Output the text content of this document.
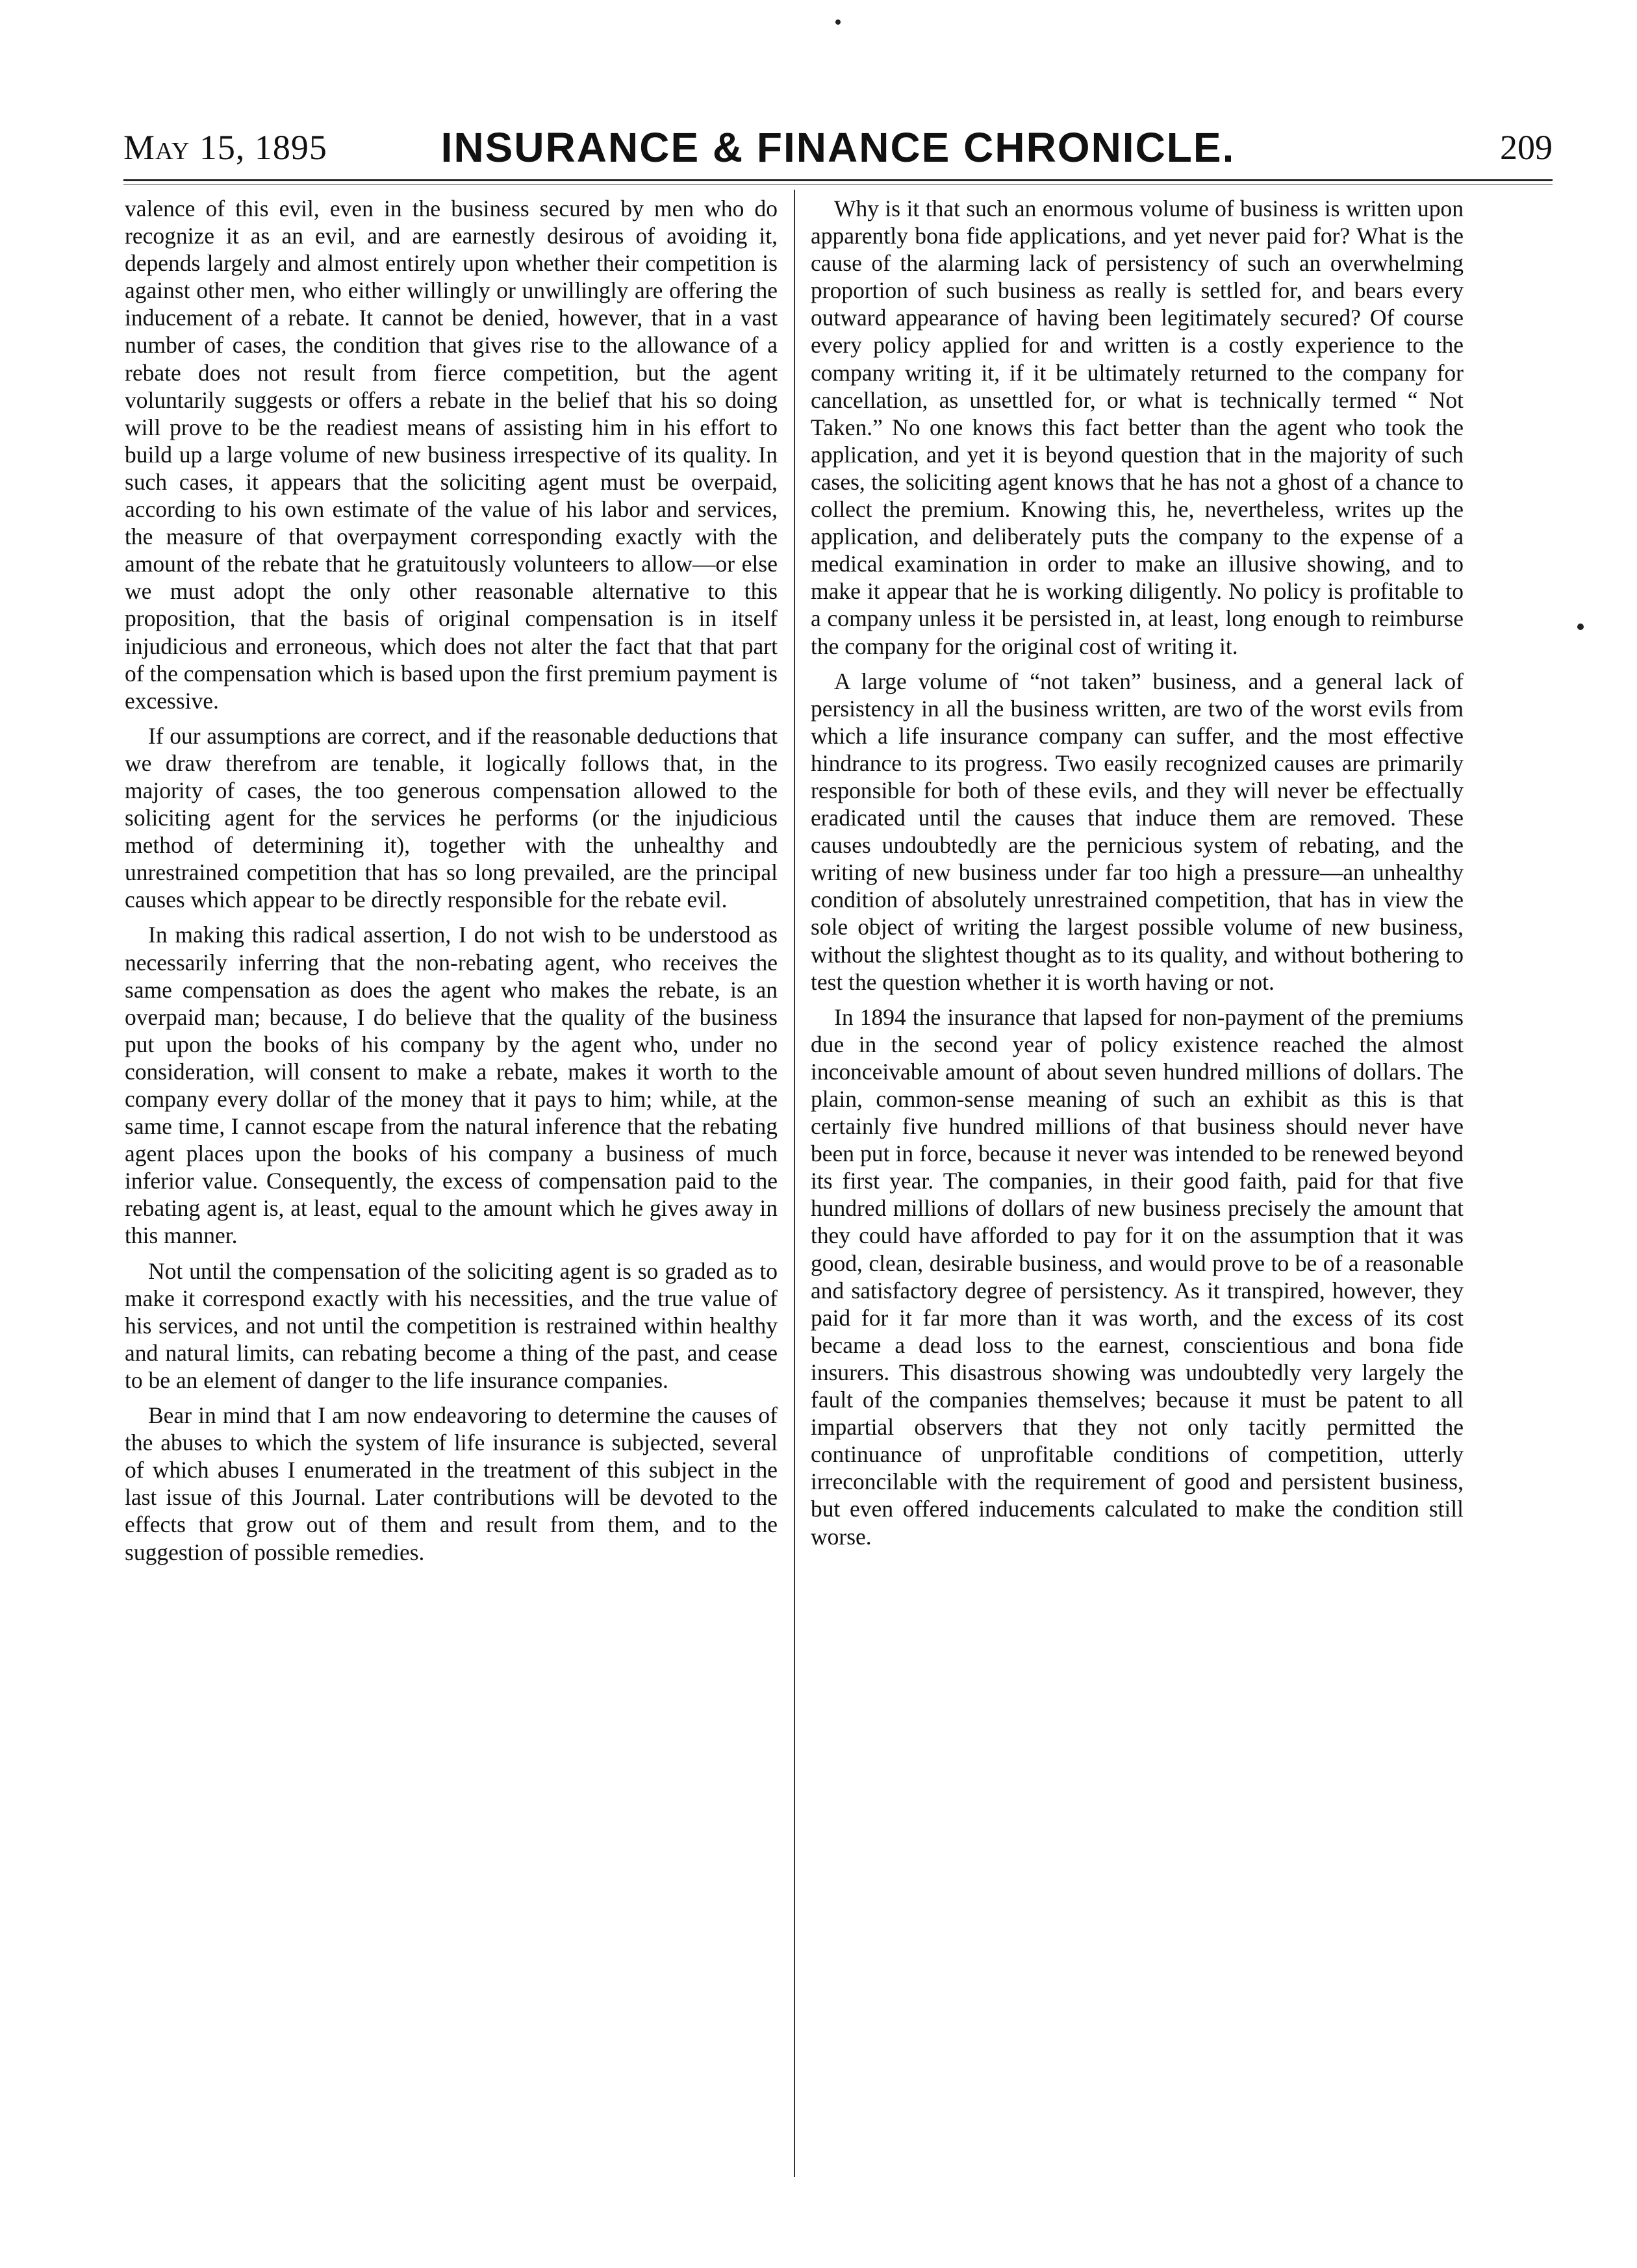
May 15, 1895	INSURANCE & FINANCE CHRONICLE.	209

valence of this evil, even in the business secured by men who do recognize it as an evil, and are earnestly desirous of avoiding it, depends largely and almost entirely upon whether their competition is against other men, who either willingly or unwillingly are offering the inducement of a rebate. It cannot be denied, however, that in a vast number of cases, the condition that gives rise to the allowance of a rebate does not result from fierce competition, but the agent voluntarily suggests or offers a rebate in the belief that his so doing will prove to be the readiest means of assisting him in his effort to build up a large volume of new business irrespective of its quality. In such cases, it appears that the soliciting agent must be overpaid, according to his own estimate of the value of his labor and services, the measure of that overpayment corresponding exactly with the amount of the rebate that he gratuitously volunteers to allow—or else we must adopt the only other reasonable alternative to this proposition, that the basis of original compensation is in itself injudicious and erroneous, which does not alter the fact that that part of the compensation which is based upon the first premium payment is excessive.

If our assumptions are correct, and if the reasonable deductions that we draw therefrom are tenable, it logically follows that, in the majority of cases, the too generous compensation allowed to the soliciting agent for the services he performs (or the injudicious method of determining it), together with the unhealthy and unrestrained competition that has so long prevailed, are the principal causes which appear to be directly responsible for the rebate evil.

In making this radical assertion, I do not wish to be understood as necessarily inferring that the non-rebating agent, who receives the same compensation as does the agent who makes the rebate, is an overpaid man; because, I do believe that the quality of the business put upon the books of his company by the agent who, under no consideration, will consent to make a rebate, makes it worth to the company every dollar of the money that it pays to him; while, at the same time, I cannot escape from the natural inference that the rebating agent places upon the books of his company a business of much inferior value. Consequently, the excess of compensation paid to the rebating agent is, at least, equal to the amount which he gives away in this manner.

Not until the compensation of the soliciting agent is so graded as to make it correspond exactly with his necessities, and the true value of his services, and not until the competition is restrained within healthy and natural limits, can rebating become a thing of the past, and cease to be an element of danger to the life insurance companies.

Bear in mind that I am now endeavoring to determine the causes of the abuses to which the system of life insurance is subjected, several of which abuses I enumerated in the treatment of this subject in the last issue of this Journal. Later contributions will be devoted to the effects that grow out of them and result from them, and to the suggestion of possible remedies.

Why is it that such an enormous volume of business is written upon apparently bona fide applications, and yet never paid for? What is the cause of the alarming lack of persistency of such an overwhelming proportion of such business as really is settled for, and bears every outward appearance of having been legitimately secured? Of course every policy applied for and written is a costly experience to the company writing it, if it be ultimately returned to the company for cancellation, as unsettled for, or what is technically termed “ Not Taken.” No one knows this fact better than the agent who took the application, and yet it is beyond question that in the majority of such cases, the soliciting agent knows that he has not a ghost of a chance to collect the premium. Knowing this, he, nevertheless, writes up the application, and deliberately puts the company to the expense of a medical examination in order to make an illusive showing, and to make it appear that he is working diligently. No policy is profitable to a company unless it be persisted in, at least, long enough to reimburse the company for the original cost of writing it.

A large volume of “not taken” business, and a general lack of persistency in all the business written, are two of the worst evils from which a life insurance company can suffer, and the most effective hindrance to its progress. Two easily recognized causes are primarily responsible for both of these evils, and they will never be effectually eradicated until the causes that induce them are removed. These causes undoubtedly are the pernicious system of rebating, and the writing of new business under far too high a pressure—an unhealthy condition of absolutely unrestrained competition, that has in view the sole object of writing the largest possible volume of new business, without the slightest thought as to its quality, and without bothering to test the question whether it is worth having or not.

In 1894 the insurance that lapsed for non-payment of the premiums due in the second year of policy existence reached the almost inconceivable amount of about seven hundred millions of dollars. The plain, common-sense meaning of such an exhibit as this is that certainly five hundred millions of that business should never have been put in force, because it never was intended to be renewed beyond its first year. The companies, in their good faith, paid for that five hundred millions of dollars of new business precisely the amount that they could have afforded to pay for it on the assumption that it was good, clean, desirable business, and would prove to be of a reasonable and satisfactory degree of persistency. As it transpired, however, they paid for it far more than it was worth, and the excess of its cost became a dead loss to the earnest, conscientious and bona fide insurers. This disastrous showing was undoubtedly very largely the fault of the companies themselves; because it must be patent to all impartial observers that they not only tacitly permitted the continuance of unprofitable conditions of competition, utterly irreconcilable with the requirement of good and persistent business, but even offered inducements calculated to make the condition still worse.
